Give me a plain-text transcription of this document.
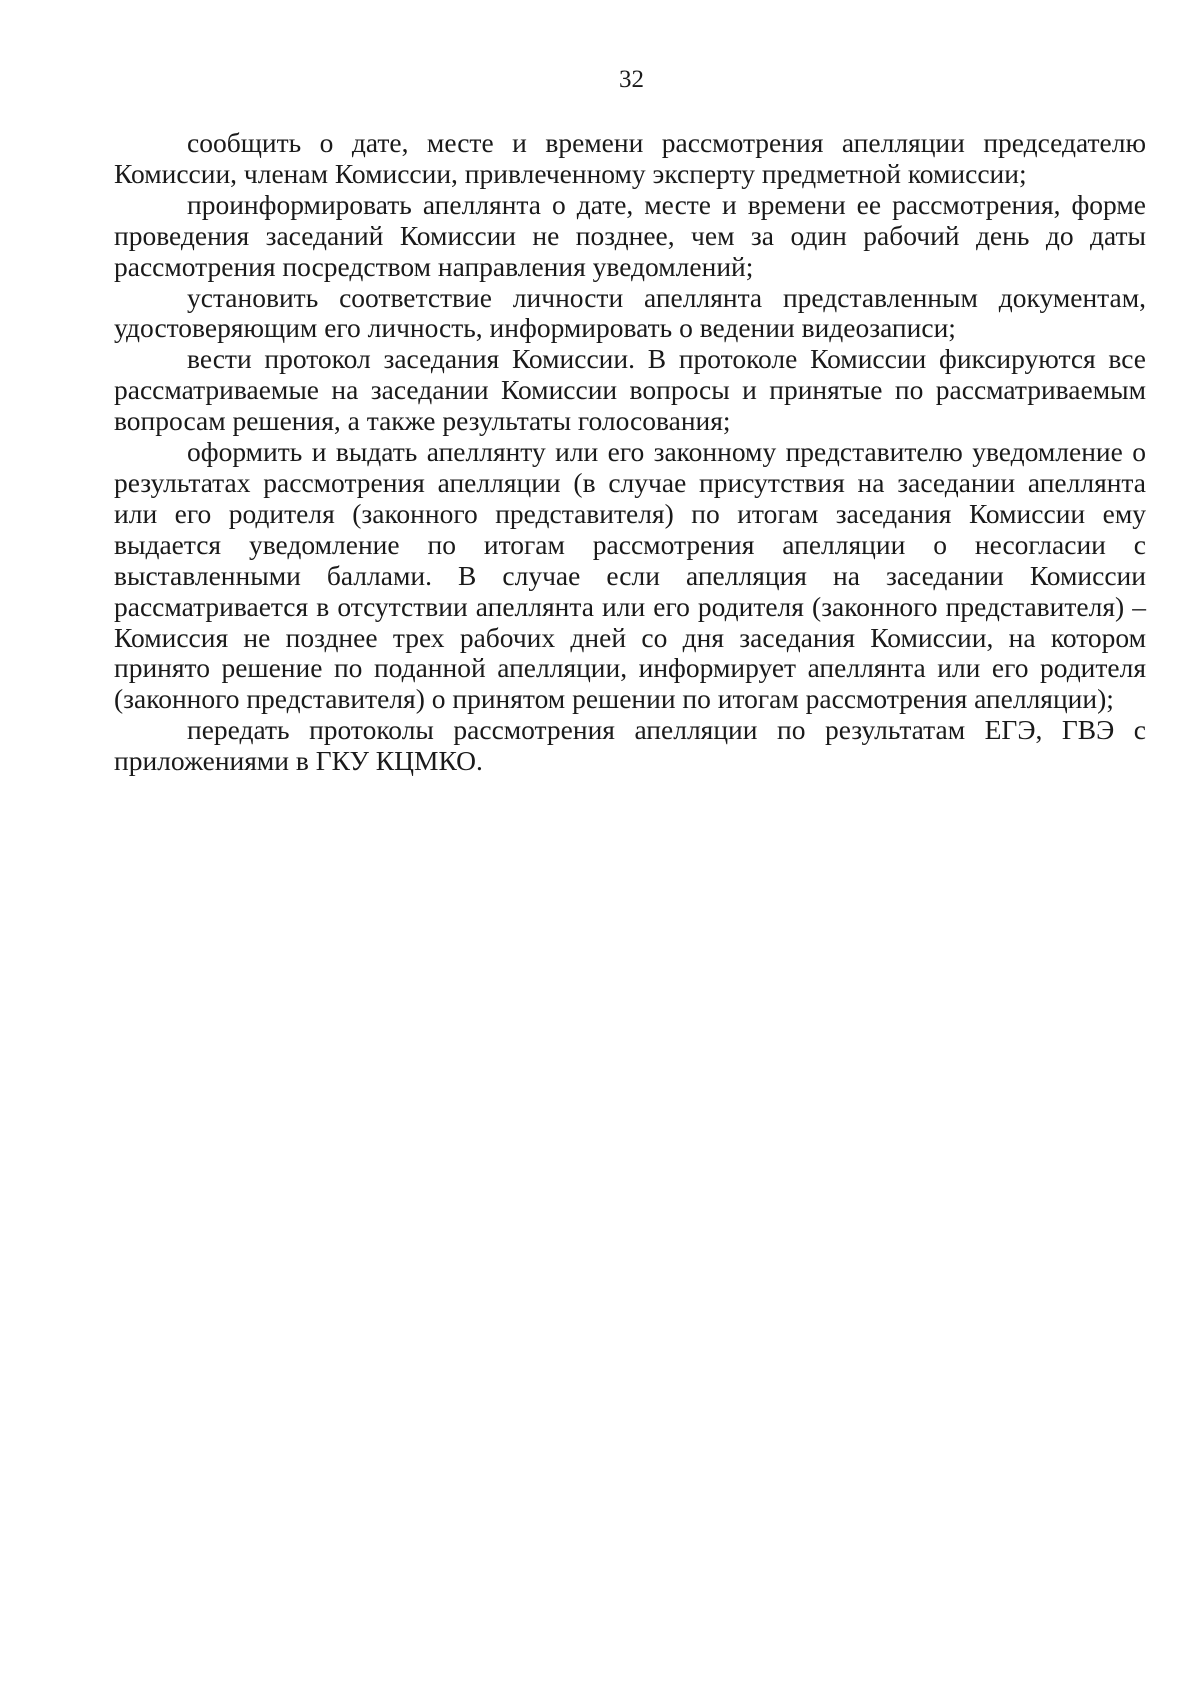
32

сообщить о дате, месте и времени рассмотрения апелляции председателю Комиссии, членам Комиссии, привлеченному эксперту предметной комиссии;

проинформировать апеллянта о дате, месте и времени ее рассмотрения, форме проведения заседаний Комиссии не позднее, чем за один рабочий день до даты рассмотрения посредством направления уведомлений;

установить соответствие личности апеллянта представленным документам, удостоверяющим его личность, информировать о ведении видеозаписи;

вести протокол заседания Комиссии. В протоколе Комиссии фиксируются все рассматриваемые на заседании Комиссии вопросы и принятые по рассматриваемым вопросам решения, а также результаты голосования;

оформить и выдать апеллянту или его законному представителю уведомление о результатах рассмотрения апелляции (в случае присутствия на заседании апеллянта или его родителя (законного представителя) по итогам заседания Комиссии ему выдается уведомление по итогам рассмотрения апелляции о несогласии с выставленными баллами. В случае если апелляция на заседании Комиссии рассматривается в отсутствии апеллянта или его родителя (законного представителя) – Комиссия не позднее трех рабочих дней со дня заседания Комиссии, на котором принято решение по поданной апелляции, информирует апеллянта или его родителя (законного представителя) о принятом решении по итогам рассмотрения апелляции);

передать протоколы рассмотрения апелляции по результатам ЕГЭ, ГВЭ с приложениями в ГКУ КЦМКО.
